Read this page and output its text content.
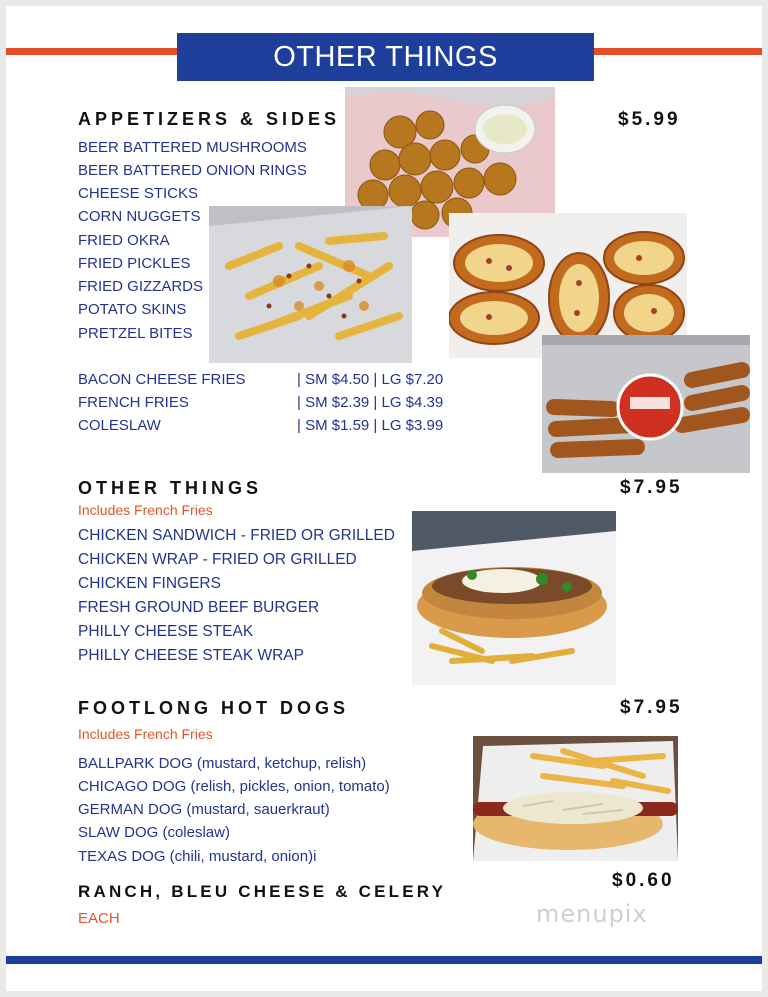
OTHER THINGS
APPETIZERS & SIDES	$5.99
BEER BATTERED MUSHROOMS
BEER BATTERED ONION RINGS
CHEESE STICKS
CORN NUGGETS
FRIED OKRA
FRIED PICKLES
FRIED GIZZARDS
POTATO SKINS
PRETZEL BITES
BACON CHEESE FRIES	| SM $4.50 | LG $7.20
FRENCH FRIES	| SM $2.39 | LG $4.39
COLESLAW	| SM $1.59 | LG $3.99
OTHER THINGS	$7.95
Includes French Fries
CHICKEN SANDWICH - FRIED OR GRILLED
CHICKEN WRAP - FRIED OR GRILLED
CHICKEN FINGERS
FRESH GROUND BEEF BURGER
PHILLY CHEESE STEAK
PHILLY CHEESE STEAK WRAP
FOOTLONG HOT DOGS	$7.95
Includes French Fries
BALLPARK DOG (mustard, ketchup, relish)
CHICAGO DOG (relish, pickles, onion, tomato)
GERMAN DOG (mustard, sauerkraut)
SLAW DOG (coleslaw)
TEXAS DOG (chili, mustard, onion)i
RANCH, BLEU CHEESE & CELERY
$0.60
EACH	menupix
